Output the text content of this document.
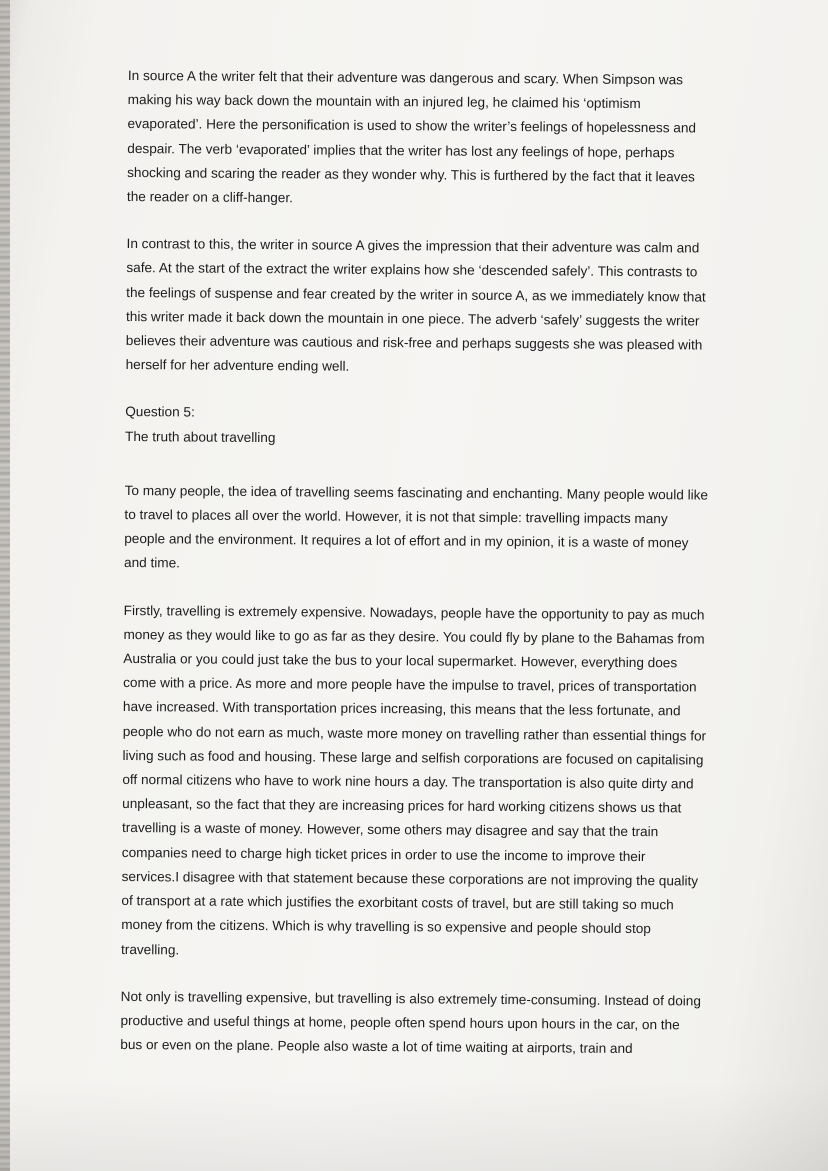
In source A the writer felt that their adventure was dangerous and scary. When Simpson was making his way back down the mountain with an injured leg, he claimed his ‘optimism evaporated’. Here the personification is used to show the writer’s feelings of hopelessness and despair. The verb ‘evaporated’ implies that the writer has lost any feelings of hope, perhaps shocking and scaring the reader as they wonder why. This is furthered by the fact that it leaves the reader on a cliff-hanger.

In contrast to this, the writer in source A gives the impression that their adventure was calm and safe. At the start of the extract the writer explains how she ‘descended safely’. This contrasts to the feelings of suspense and fear created by the writer in source A, as we immediately know that this writer made it back down the mountain in one piece. The adverb ‘safely’ suggests the writer believes their adventure was cautious and risk-free and perhaps suggests she was pleased with herself for her adventure ending well.

Question 5:

The truth about travelling

To many people, the idea of travelling seems fascinating and enchanting. Many people would like to travel to places all over the world. However, it is not that simple: travelling impacts many people and the environment. It requires a lot of effort and in my opinion, it is a waste of money and time.

Firstly, travelling is extremely expensive. Nowadays, people have the opportunity to pay as much money as they would like to go as far as they desire. You could fly by plane to the Bahamas from Australia or you could just take the bus to your local supermarket. However, everything does come with a price. As more and more people have the impulse to travel, prices of transportation have increased. With transportation prices increasing, this means that the less fortunate, and people who do not earn as much, waste more money on travelling rather than essential things for living such as food and housing. These large and selfish corporations are focused on capitalising off normal citizens who have to work nine hours a day. The transportation is also quite dirty and unpleasant, so the fact that they are increasing prices for hard working citizens shows us that travelling is a waste of money. However, some others may disagree and say that the train companies need to charge high ticket prices in order to use the income to improve their services.I disagree with that statement because these corporations are not improving the quality of transport at a rate which justifies the exorbitant costs of travel, but are still taking so much money from the citizens. Which is why travelling is so expensive and people should stop travelling.

Not only is travelling expensive, but travelling is also extremely time-consuming. Instead of doing productive and useful things at home, people often spend hours upon hours in the car, on the bus or even on the plane. People also waste a lot of time waiting at airports, train and
